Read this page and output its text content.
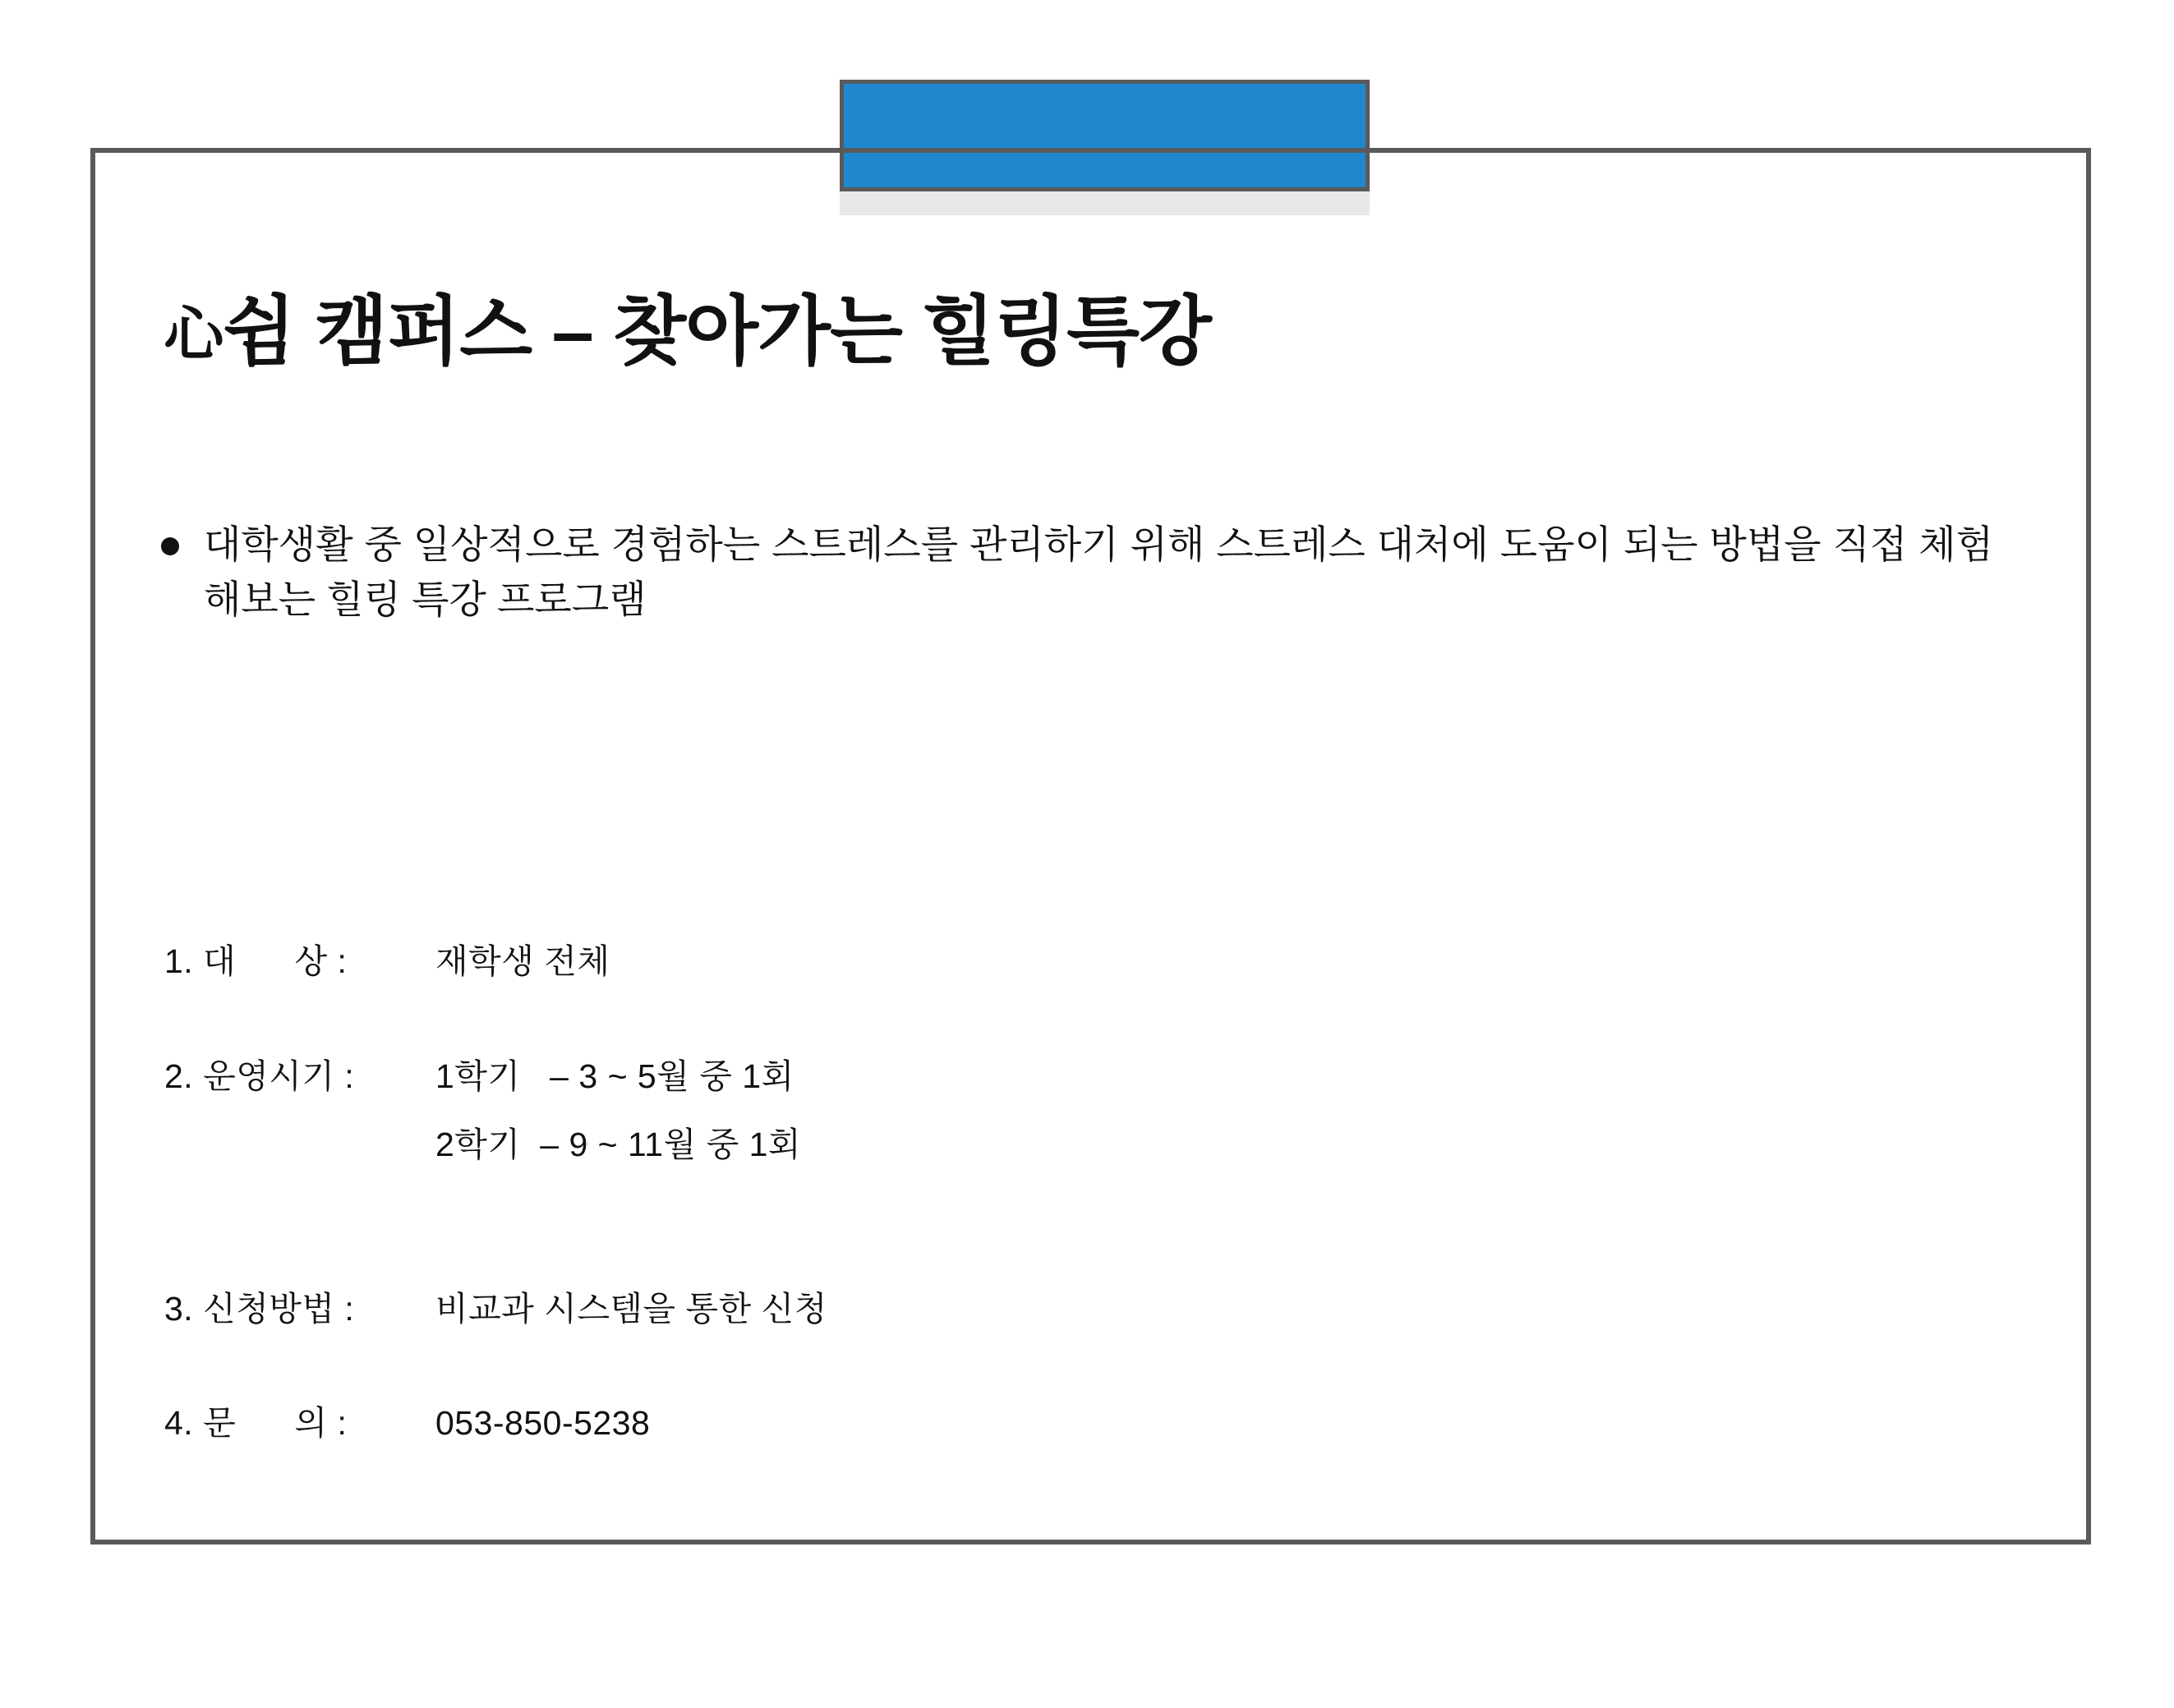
心쉼 캠퍼스 – 찾아가는 힐링특강
대학생활 중 일상적으로 경험하는 스트레스를 관리하기 위해 스트레스 대처에 도움이 되는 방법을 직접 체험해보는 힐링 특강 프로그램
1. 대      상 :	재학생 전체
2. 운영시기 :	1학기   – 3 ~ 5월 중 1회
2학기  – 9 ~ 11월 중 1회
3. 신청방법 :	비교과 시스템을 통한 신청
4. 문      의 :	053-850-5238
